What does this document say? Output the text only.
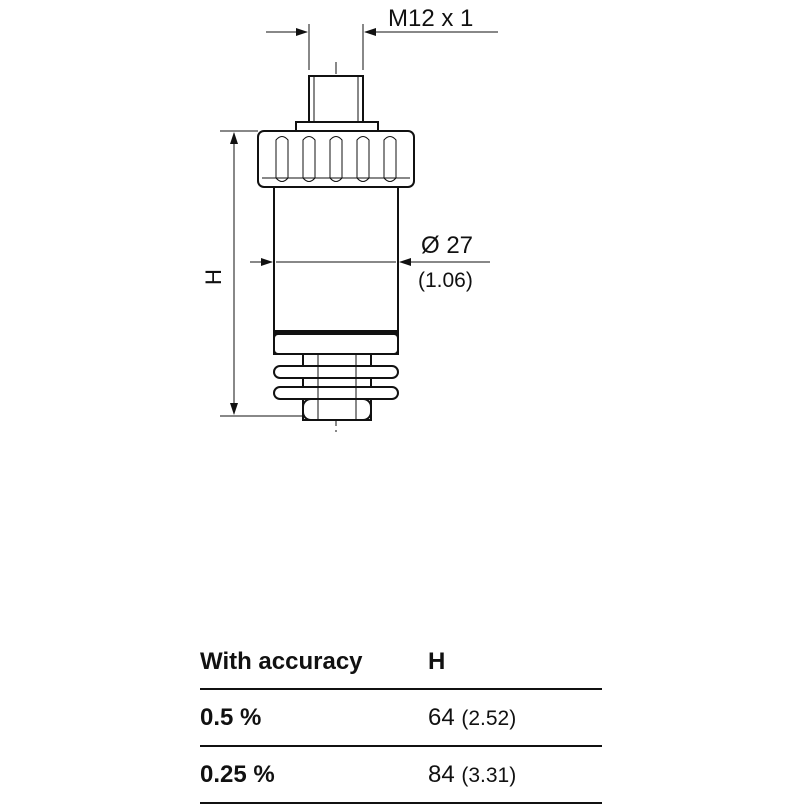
M12 x 1
Ø 27
(1.06)
H
With accuracy	H
0.5 %	64 (2.52)
0.25 %	84 (3.31)
